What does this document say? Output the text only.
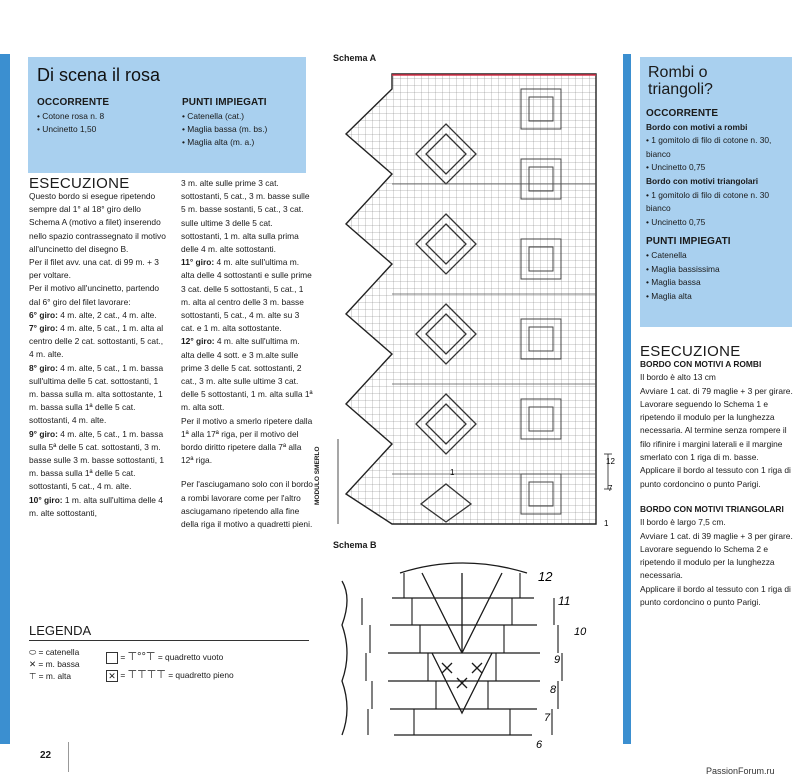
Di scena il rosa
OCCORRENTE
• Cotone rosa n. 8
• Uncinetto 1,50
PUNTI IMPIEGATI
• Catenella (cat.)
• Maglia bassa (m. bs.)
• Maglia alta (m. a.)
ESECUZIONE

Questo bordo si esegue ripetendo sempre dal 1° al 18° giro dello Schema A (motivo a filet) inserendo nello spazio contrassegnato il motivo all'uncinetto del disegno B.

Per il filet avv. una cat. di 99 m. + 3 per voltare.

Per il motivo all'uncinetto, partendo dal 6° giro del filet lavorare:

6° giro: 4 m. alte, 2 cat., 4 m. alte.

7° giro: 4 m. alte, 5 cat., 1 m. alta al centro delle 2 cat. sottostanti, 5 cat., 4 m. alte.

8° giro: 4 m. alte, 5 cat., 1 m. bassa sull'ultima delle 5 cat. sottostanti, 1 m. bassa sulla m. alta sottostante, 1 m. bassa sulla 1ª delle 5 cat. sottostanti, 4 m. alte.

9° giro: 4 m. alte, 5 cat., 1 m. bassa sulla 5ª delle 5 cat. sottostanti, 3 m. basse sulle 3 m. basse sottostanti, 1 m. bassa sulla 1ª delle 5 cat. sottostanti, 5 cat., 4 m. alte.

10° giro: 1 m. alta sull'ultima delle 4 m. alte sottostanti,

3 m. alte sulle prime 3 cat. sottostanti, 5 cat., 3 m. basse sulle 5 m. basse sostanti, 5 cat., 3 cat. sulle ultime 3 delle 5 cat. sottostanti, 1 m. alta sulla prima delle 4 m. alte sottostanti.

11° giro: 4 m. alte sull'ultima m. alta delle 4 sottostanti e sulle prime 3 cat. delle 5 sottostanti, 5 cat., 1 m. alta al centro delle 3 m. basse sottostanti, 5 cat., 4 m. alte su 3 cat. e 1 m. alta sottostante.

12° giro: 4 m. alte sull'ultima m. alta delle 4 sott. e 3 m.alte sulle prime 3 delle 5 cat. sottostanti, 2 cat., 3 m. alte sulle ultime 3 cat. delle 5 sottostanti, 1 m. alta sulla 1ª m. alta sott.

Per il motivo a smerlo ripetere dalla 1ª alla 17ª riga, per il motivo del bordo diritto ripetere dalla 7ª alla 12ª riga.

Per l'asciugamano solo con il bordo a rombi lavorare come per l'altro asciugamano ripetendo alla fine della riga il motivo a quadretti pieni.

LEGENDA
⬭ = catenella
✕ = m. bassa
⊤ = m. alta
= ⊤°°⊤ = quadretto vuoto
✕ = ⊤⊤⊤⊤ = quadretto pieno
Schema A
12
7
1
1
MODULO SMERLO
Schema B
12
11
10
9
8
7
6
Rombi o triangoli?
OCCORRENTE
Bordo con motivi a rombi
• 1 gomitolo di filo di cotone n. 30, bianco
• Uncinetto 0,75
Bordo con motivi triangolari
• 1 gomitolo di filo di cotone n. 30 bianco
• Uncinetto 0,75
PUNTI IMPIEGATI
• Catenella
• Maglia bassissima
• Maglia bassa
• Maglia alta
ESECUZIONE
BORDO CON MOTIVI A ROMBI
Il bordo è alto 13 cm
Avviare 1 cat. di 79 maglie + 3 per girare.
Lavorare seguendo lo Schema 1 e ripetendo il modulo per la lunghezza necessaria. Al termine senza rompere il filo rifinire i margini laterali e il margine smerlato con 1 riga di m. basse.
Applicare il bordo al tessuto con 1 riga di punto cordoncino o punto Parigi.
BORDO CON MOTIVI TRIANGOLARI
Il bordo è largo 7,5 cm.
Avviare 1 cat. di 39 maglie + 3 per girare.
Lavorare seguendo lo Schema 2 e ripetendo il modulo per la lunghezza necessaria.
Applicare il bordo al tessuto con 1 riga di punto cordoncino o punto Parigi.
22
PassionForum.ru
